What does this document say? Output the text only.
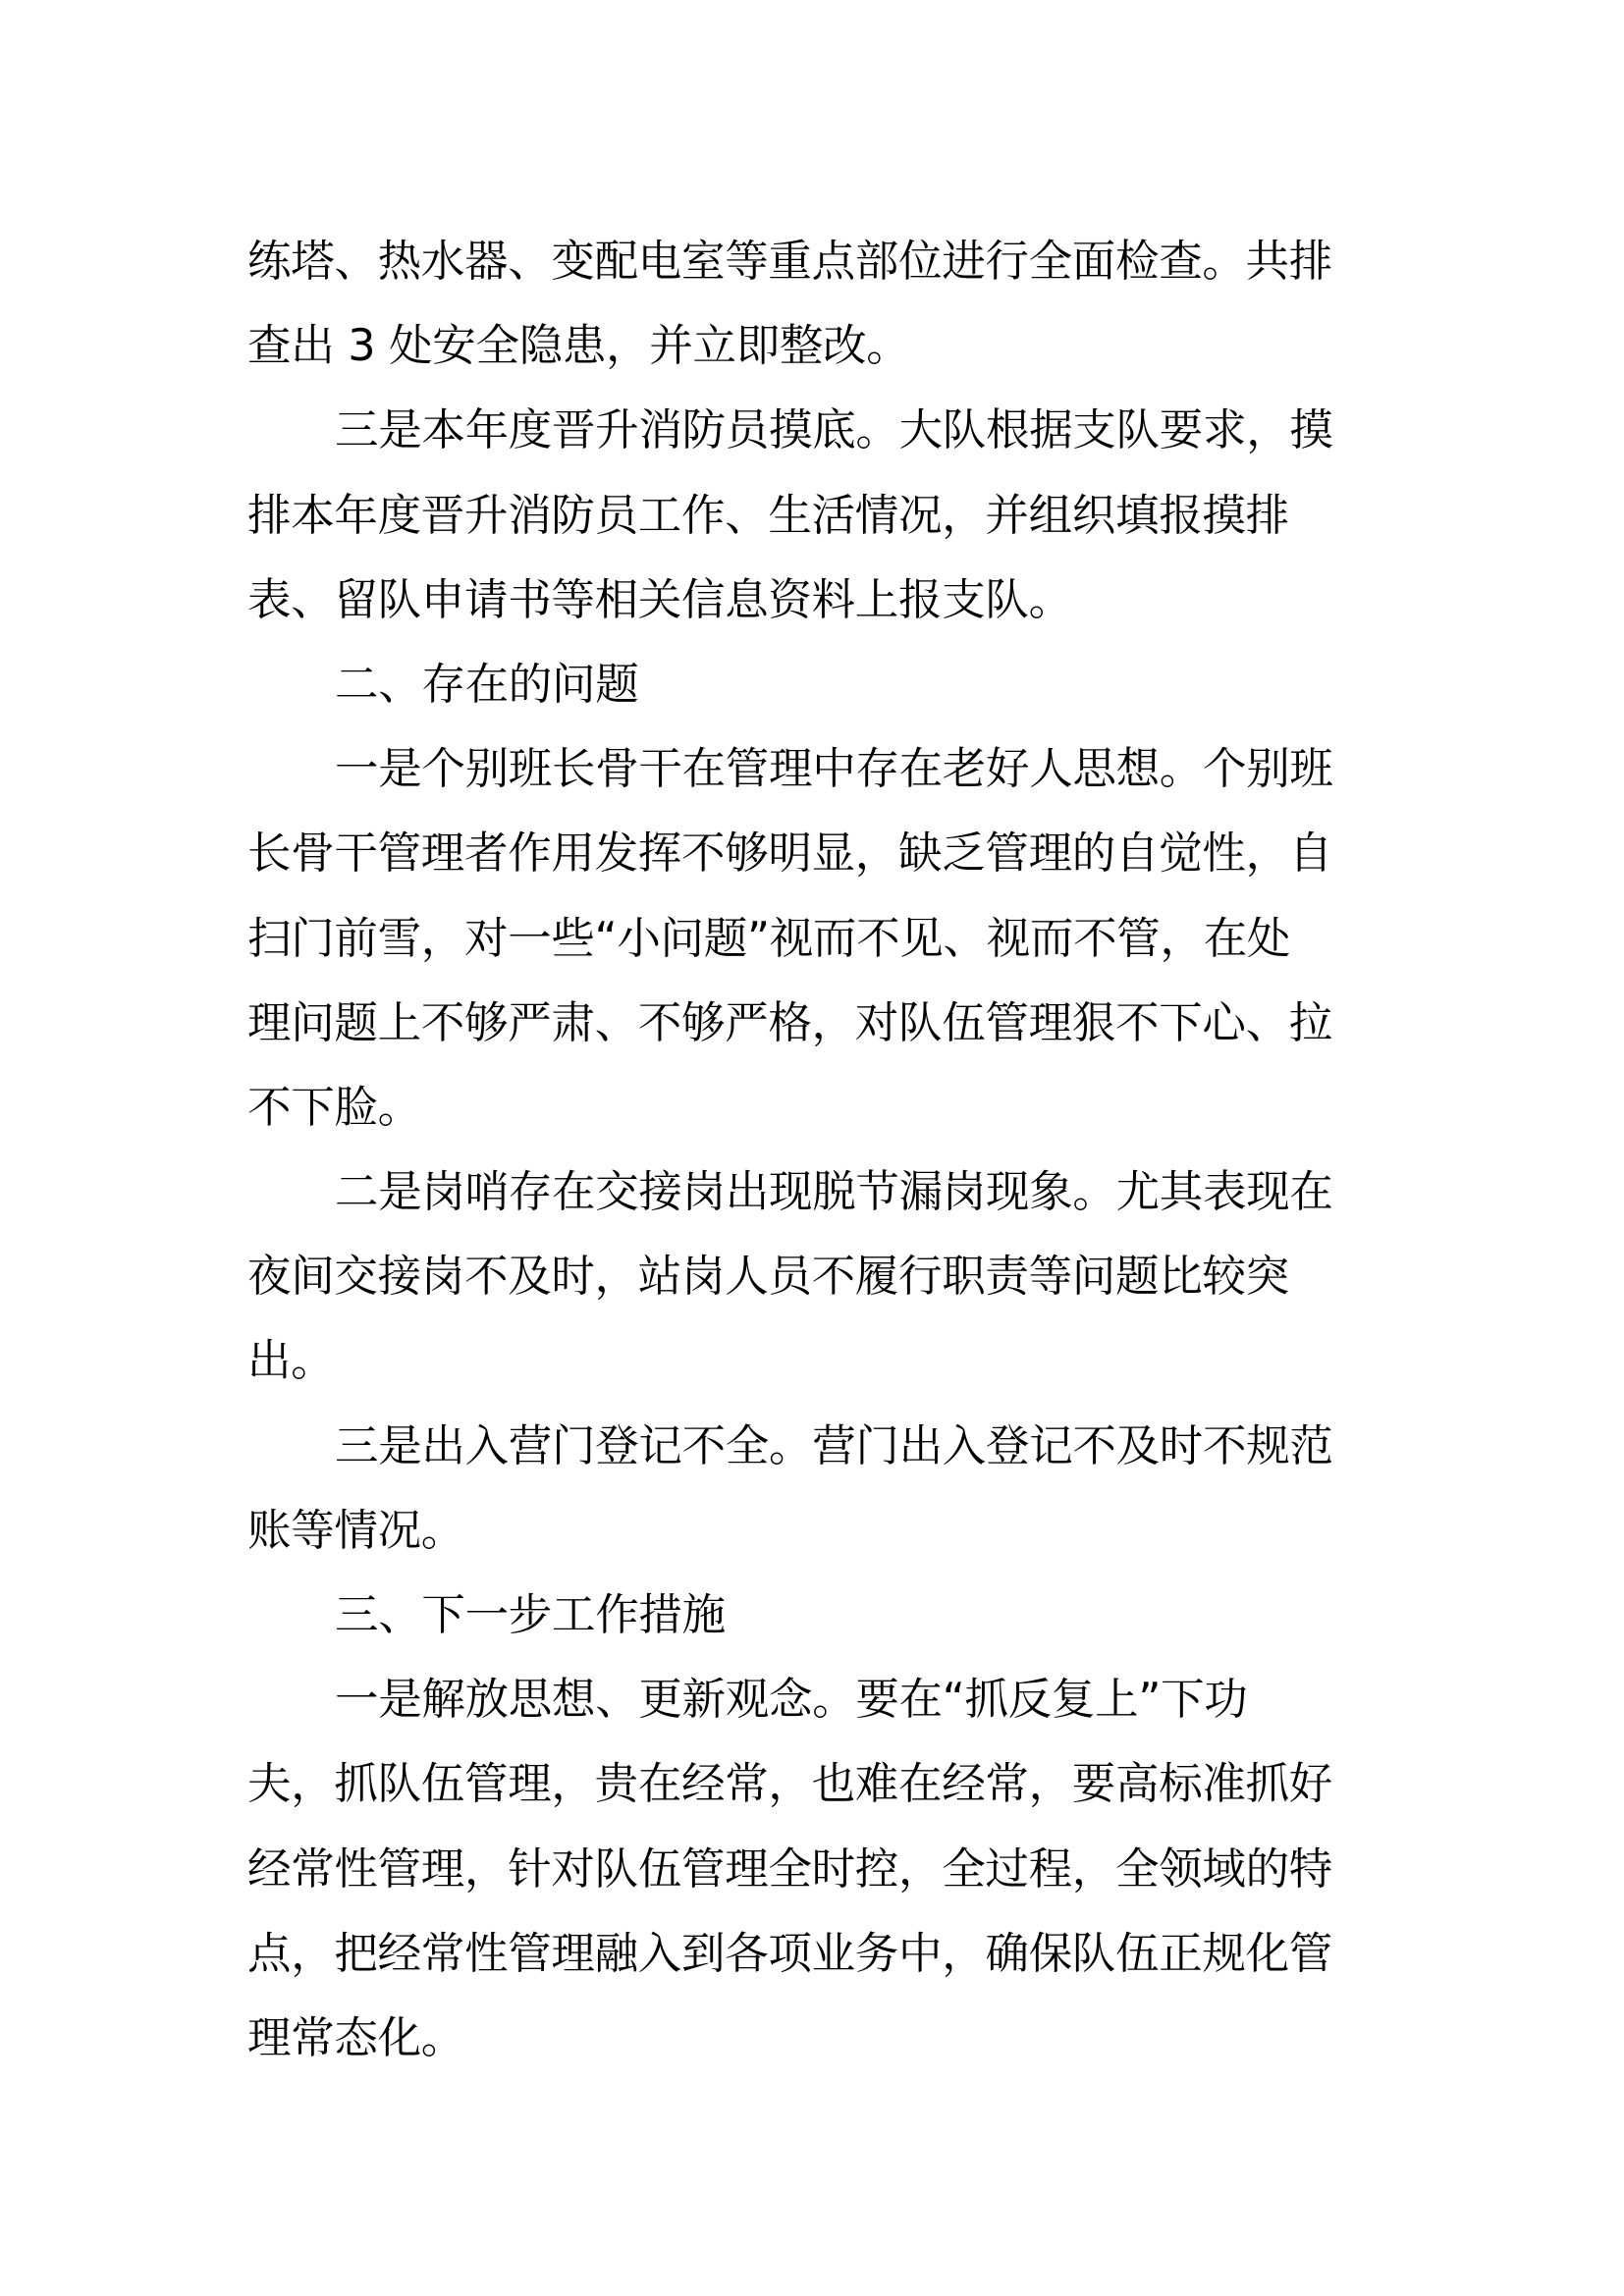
练塔、热水器、变配电室等重点部位进行全面检查。共排
查出 3 处安全隐患，并立即整改。
三是本年度晋升消防员摸底。大队根据支队要求，摸
排本年度晋升消防员工作、生活情况，并组织填报摸排
表、留队申请书等相关信息资料上报支队。
二、存在的问题
一是个别班长骨干在管理中存在老好人思想。个别班
长骨干管理者作用发挥不够明显，缺乏管理的自觉性，自
扫门前雪，对一些“小问题”视而不见、视而不管，在处
理问题上不够严肃、不够严格，对队伍管理狠不下心、拉
不下脸。
二是岗哨存在交接岗出现脱节漏岗现象。尤其表现在
夜间交接岗不及时，站岗人员不履行职责等问题比较突
出。
三是出入营门登记不全。营门出入登记不及时不规范
账等情况。
三、下一步工作措施
一是解放思想、更新观念。要在“抓反复上”下功
夫，抓队伍管理，贵在经常，也难在经常，要高标准抓好
经常性管理，针对队伍管理全时控，全过程，全领域的特
点，把经常性管理融入到各项业务中，确保队伍正规化管
理常态化。
